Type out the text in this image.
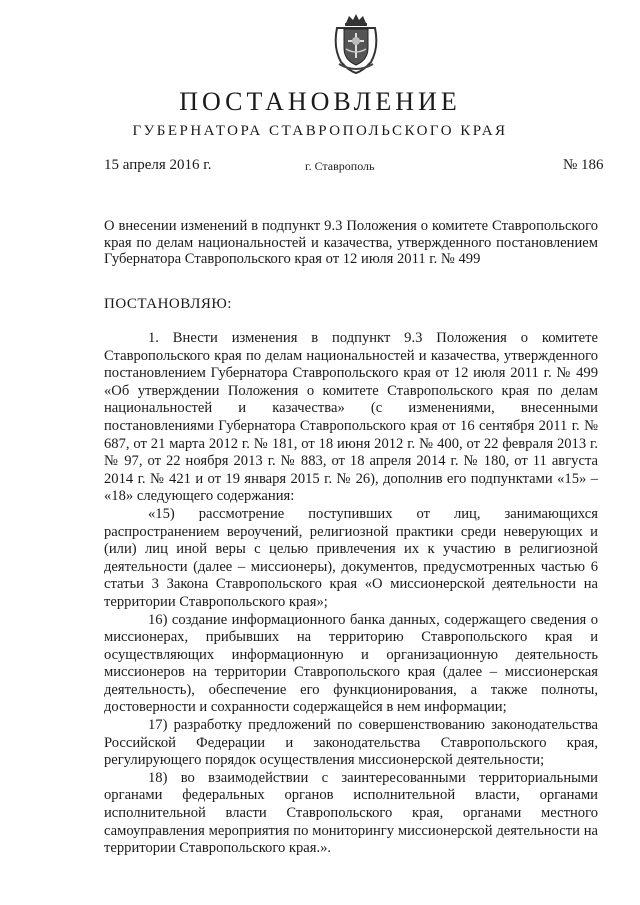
ПОСТАНОВЛЕНИЕ
ГУБЕРНАТОРА СТАВРОПОЛЬСКОГО КРАЯ
15 апреля 2016 г.	г. Ставрополь	№ 186
О внесении изменений в подпункт 9.3 Положения о комитете Ставропольского края по делам национальностей и казачества, утвержденного постановлением Губернатора Ставропольского края от 12 июля 2011 г. № 499
ПОСТАНОВЛЯЮ:

1. Внести изменения в подпункт 9.3 Положения о комитете Ставропольского края по делам национальностей и казачества, утвержденного постановлением Губернатора Ставропольского края от 12 июля 2011 г. № 499 «Об утверждении Положения о комитете Ставропольского края по делам национальностей и казачества» (с изменениями, внесенными постановлениями Губернатора Ставропольского края от 16 сентября 2011 г. № 687, от 21 марта 2012 г. № 181, от 18 июня 2012 г. № 400, от 22 февраля 2013 г. № 97, от 22 ноября 2013 г. № 883, от 18 апреля 2014 г. № 180, от 11 августа 2014 г. № 421 и от 19 января 2015 г. № 26), дополнив его подпунктами «15» – «18» следующего содержания:

«15) рассмотрение поступивших от лиц, занимающихся распространением вероучений, религиозной практики среди неверующих и (или) лиц иной веры с целью привлечения их к участию в религиозной деятельности (далее – миссионеры), документов, предусмотренных частью 6 статьи 3 Закона Ставропольского края «О миссионерской деятельности на территории Ставропольского края»;

16) создание информационного банка данных, содержащего сведения о миссионерах, прибывших на территорию Ставропольского края и осуществляющих информационную и организационную деятельность миссионеров на территории Ставропольского края (далее – миссионерская деятельность), обеспечение его функционирования, а также полноты, достоверности и сохранности содержащейся в нем информации;

17) разработку предложений по совершенствованию законодательства Российской Федерации и законодательства Ставропольского края, регулирующего порядок осуществления миссионерской деятельности;

18) во взаимодействии с заинтересованными территориальными органами федеральных органов исполнительной власти, органами исполнительной власти Ставропольского края, органами местного самоуправления мероприятия по мониторингу миссионерской деятельности на территории Ставропольского края.».
